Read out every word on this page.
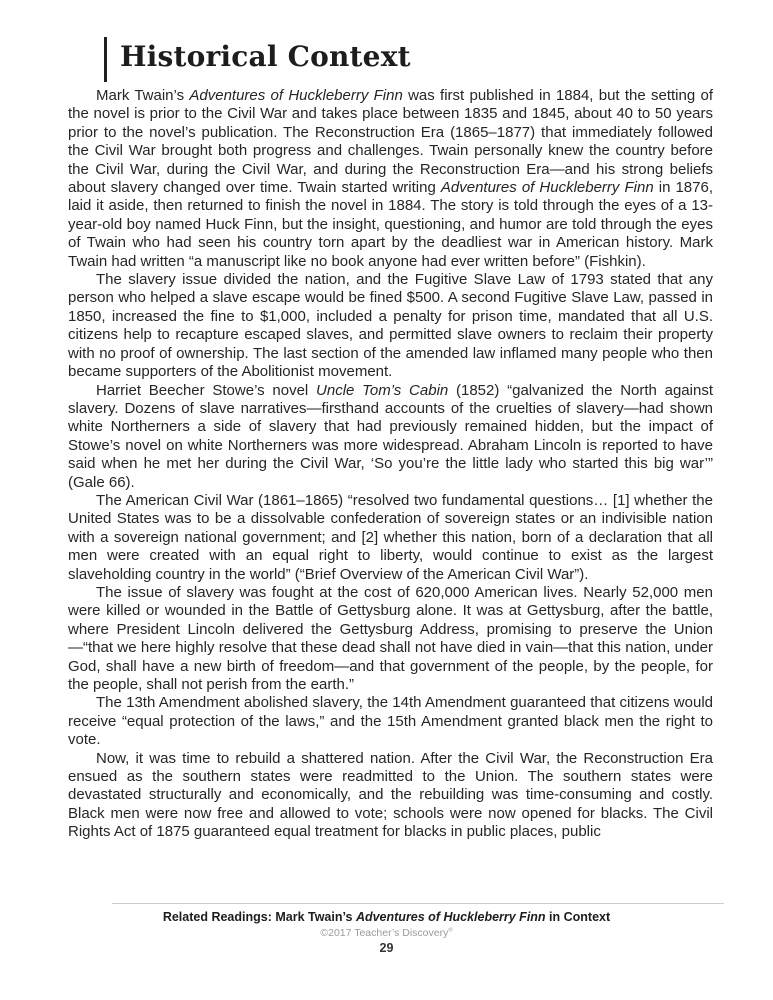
Historical Context

Mark Twain’s Adventures of Huckleberry Finn was first published in 1884, but the setting of the novel is prior to the Civil War and takes place between 1835 and 1845, about 40 to 50 years prior to the novel’s publication. The Reconstruction Era (1865–1877) that immediately followed the Civil War brought both progress and challenges. Twain personally knew the country before the Civil War, during the Civil War, and during the Reconstruction Era—and his strong beliefs about slavery changed over time. Twain started writing Adventures of Huckleberry Finn in 1876, laid it aside, then returned to finish the novel in 1884. The story is told through the eyes of a 13-year-old boy named Huck Finn, but the insight, questioning, and humor are told through the eyes of Twain who had seen his country torn apart by the deadliest war in American history. Mark Twain had written “a manuscript like no book anyone had ever written before” (Fishkin).

The slavery issue divided the nation, and the Fugitive Slave Law of 1793 stated that any person who helped a slave escape would be fined $500. A second Fugitive Slave Law, passed in 1850, increased the fine to $1,000, included a penalty for prison time, mandated that all U.S. citizens help to recapture escaped slaves, and permitted slave owners to reclaim their property with no proof of ownership. The last section of the amended law inflamed many people who then became supporters of the Abolitionist movement.

Harriet Beecher Stowe’s novel Uncle Tom’s Cabin (1852) “galvanized the North against slavery. Dozens of slave narratives—firsthand accounts of the cruelties of slavery—had shown white Northerners a side of slavery that had previously remained hidden, but the impact of Stowe’s novel on white Northerners was more widespread. Abraham Lincoln is reported to have said when he met her during the Civil War, ‘So you’re the little lady who started this big war’” (Gale 66).

The American Civil War (1861–1865) “resolved two fundamental questions… [1] whether the United States was to be a dissolvable confederation of sovereign states or an indivisible nation with a sovereign national government; and [2] whether this nation, born of a declaration that all men were created with an equal right to liberty, would continue to exist as the largest slaveholding country in the world” (“Brief Overview of the American Civil War”).

The issue of slavery was fought at the cost of 620,000 American lives. Nearly 52,000 men were killed or wounded in the Battle of Gettysburg alone. It was at Gettysburg, after the battle, where President Lincoln delivered the Gettysburg Address, promising to preserve the Union—“that we here highly resolve that these dead shall not have died in vain—that this nation, under God, shall have a new birth of freedom—and that government of the people, by the people, for the people, shall not perish from the earth.”

The 13th Amendment abolished slavery, the 14th Amendment guaranteed that citizens would receive “equal protection of the laws,” and the 15th Amendment granted black men the right to vote.

Now, it was time to rebuild a shattered nation. After the Civil War, the Reconstruction Era ensued as the southern states were readmitted to the Union. The southern states were devastated structurally and economically, and the rebuilding was time-consuming and costly. Black men were now free and allowed to vote; schools were now opened for blacks. The Civil Rights Act of 1875 guaranteed equal treatment for blacks in public places, public

Related Readings: Mark Twain’s Adventures of Huckleberry Finn in Context
©2017 Teacher’s Discovery®
29
